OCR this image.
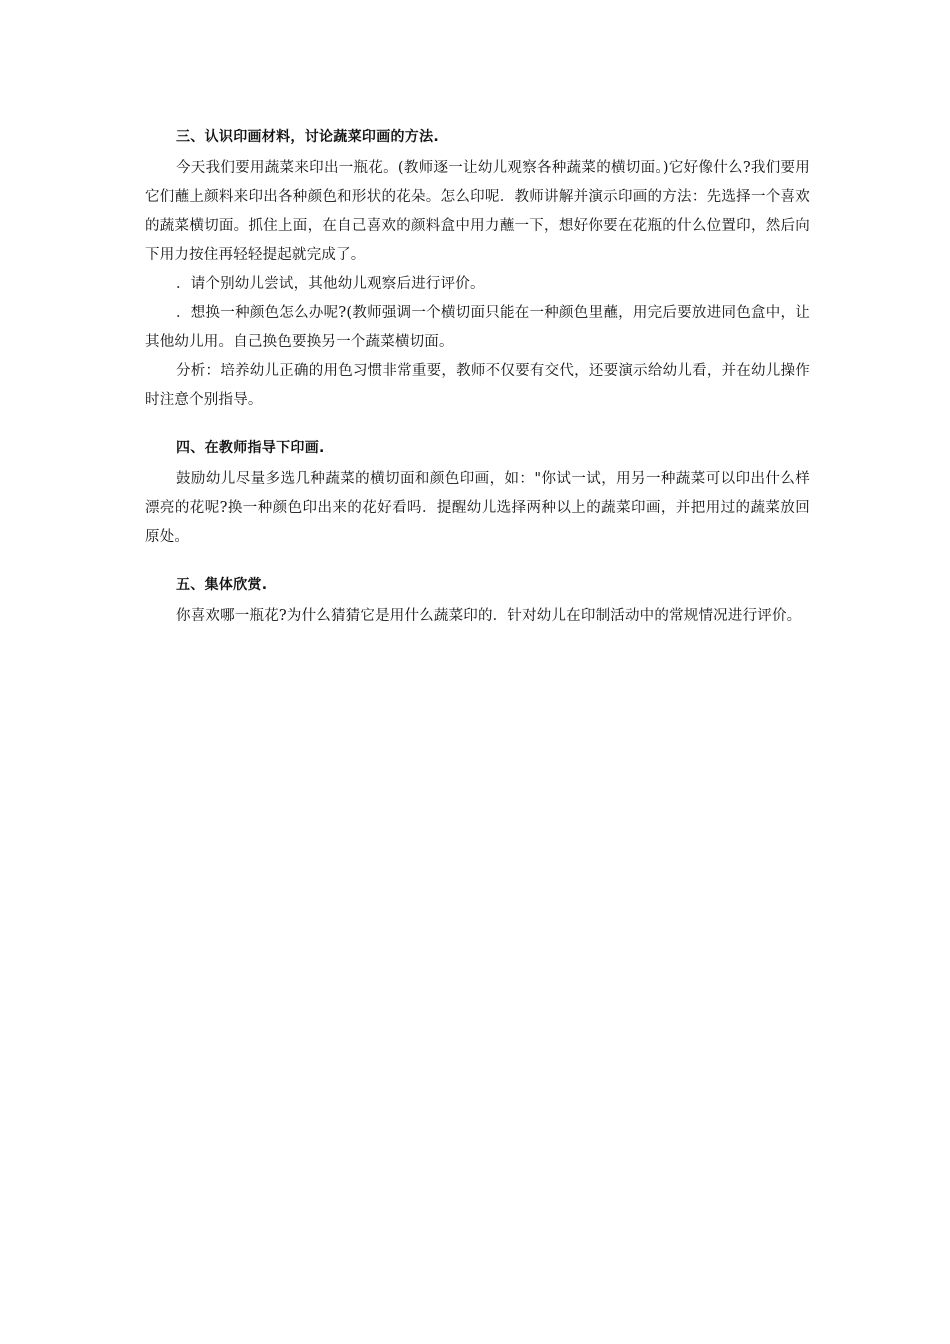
三、认识印画材料，讨论蔬菜印画的方法.

今天我们要用蔬菜来印出一瓶花。(教师逐一让幼儿观察各种蔬菜的横切面。)它好像什么?我们要用它们蘸上颜料来印出各种颜色和形状的花朵。怎么印呢．教师讲解并演示印画的方法：先选择一个喜欢的蔬菜横切面。抓住上面，在自己喜欢的颜料盒中用力蘸一下，想好你要在花瓶的什么位置印，然后向下用力按住再轻轻提起就完成了。

．请个别幼儿尝试，其他幼儿观察后进行评价。

．想换一种颜色怎么办呢?(教师强调一个横切面只能在一种颜色里蘸，用完后要放进同色盒中，让其他幼儿用。自己换色要换另一个蔬菜横切面。

分析：培养幼儿正确的用色习惯非常重要，教师不仅要有交代，还要演示给幼儿看，并在幼儿操作时注意个别指导。

四、在教师指导下印画.

鼓励幼儿尽量多选几种蔬菜的横切面和颜色印画，如："你试一试，用另一种蔬菜可以印出什么样漂亮的花呢?换一种颜色印出来的花好看吗．提醒幼儿选择两种以上的蔬菜印画，并把用过的蔬菜放回原处。

五、集体欣赏.

你喜欢哪一瓶花?为什么猜猜它是用什么蔬菜印的．针对幼儿在印制活动中的常规情况进行评价。
